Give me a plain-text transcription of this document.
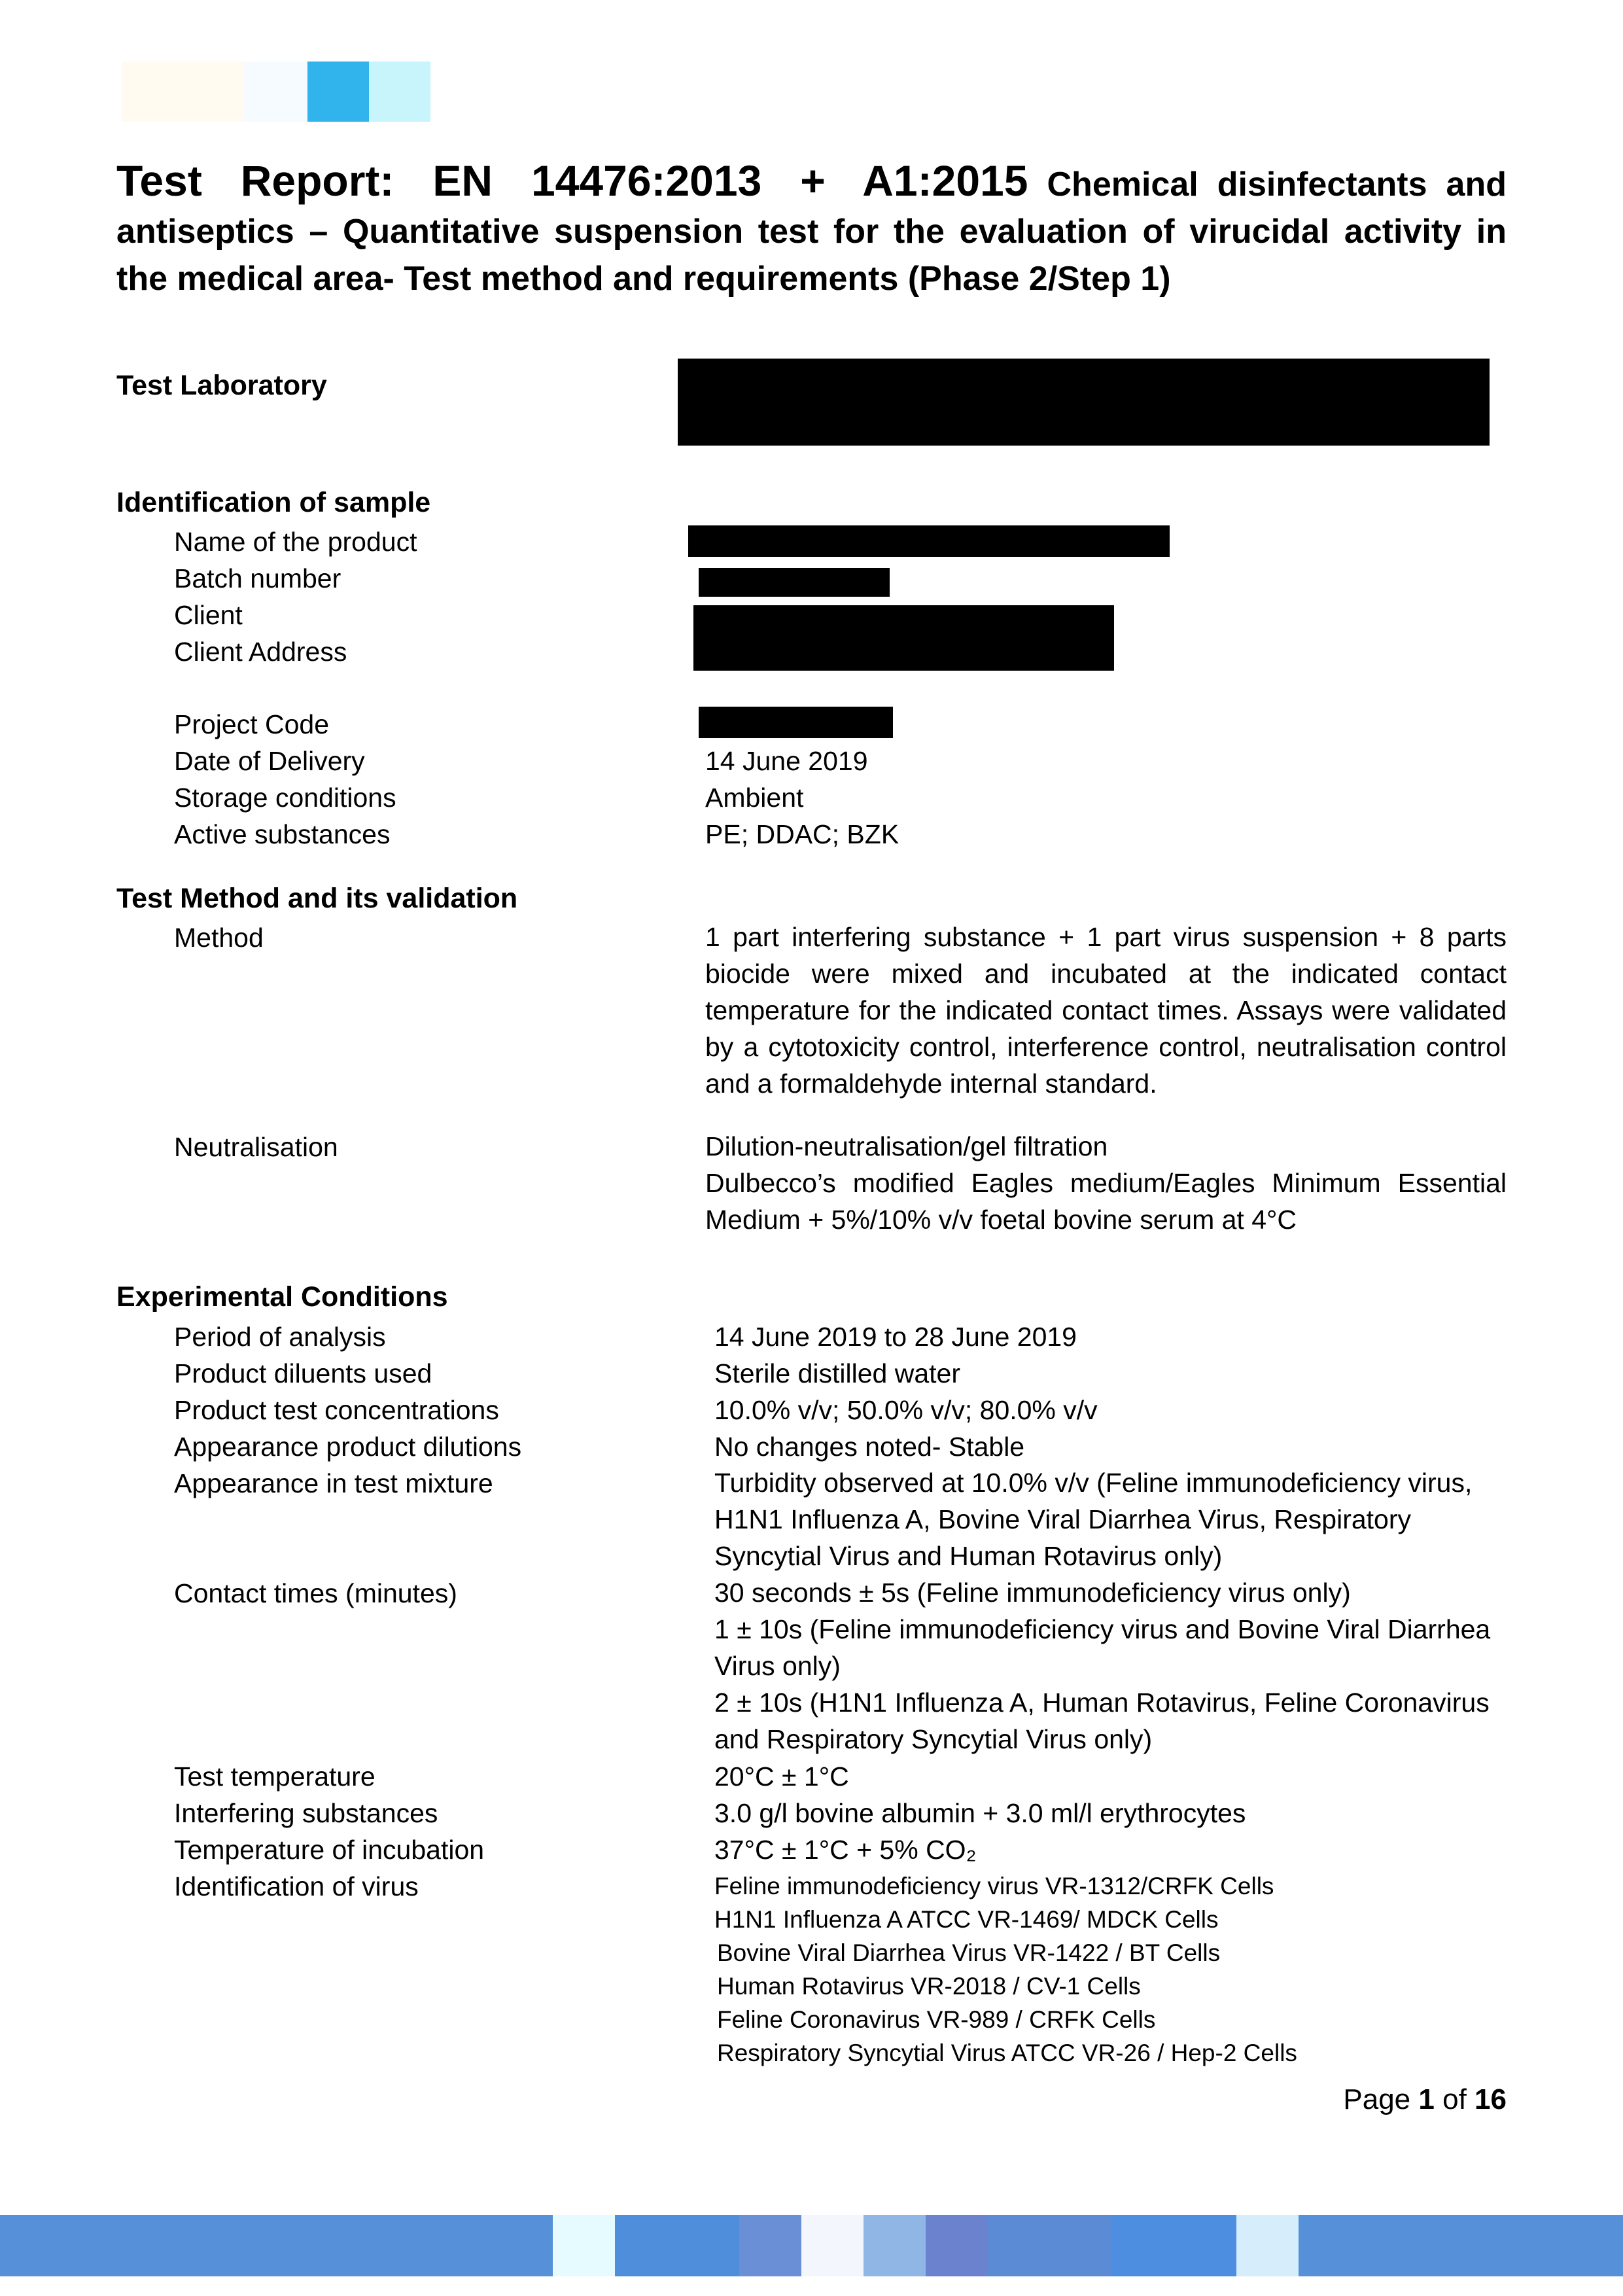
Test Report: EN 14476:2013 + A1:2015 Chemical disinfectants and antiseptics – Quantitative suspension test for the evaluation of virucidal activity in the medical area- Test method and requirements (Phase 2/Step 1)
Test Laboratory
Identification of sample
Name of the product
Batch number
Client
Client Address
Project Code
Date of Delivery	14 June 2019
Storage conditions	Ambient
Active substances	PE; DDAC; BZK
Test Method and its validation
Method	1 part interfering substance + 1 part virus suspension + 8 parts biocide were mixed and incubated at the indicated contact temperature for the indicated contact times. Assays were validated by a cytotoxicity control, interference control, neutralisation control and a formaldehyde internal standard.
Neutralisation	Dilution-neutralisation/gel filtration
Dulbecco’s modified Eagles medium/Eagles Minimum Essential Medium + 5%/10% v/v foetal bovine serum at 4°C
Experimental Conditions
Period of analysis	14 June 2019 to 28 June 2019
Product diluents used	Sterile distilled water
Product test concentrations	10.0% v/v; 50.0% v/v; 80.0% v/v
Appearance product dilutions	No changes noted- Stable
Appearance in test mixture	Turbidity observed at 10.0% v/v (Feline immunodeficiency virus, H1N1 Influenza A, Bovine Viral Diarrhea Virus, Respiratory Syncytial Virus and Human Rotavirus only)
Contact times (minutes)	30 seconds ± 5s (Feline immunodeficiency virus only)
1 ± 10s (Feline immunodeficiency virus and Bovine Viral Diarrhea Virus only)
2 ± 10s (H1N1 Influenza A, Human Rotavirus, Feline Coronavirus and Respiratory Syncytial Virus only)
Test temperature	20°C ± 1°C
Interfering substances	3.0 g/l bovine albumin + 3.0 ml/l erythrocytes
Temperature of incubation	37°C ± 1°C + 5% CO₂
Identification of virus	Feline immunodeficiency virus VR-1312/CRFK Cells
H1N1 Influenza A ATCC VR-1469/ MDCK Cells
Bovine Viral Diarrhea Virus VR-1422 / BT Cells
Human Rotavirus VR-2018 / CV-1 Cells
Feline Coronavirus VR-989 / CRFK Cells
Respiratory Syncytial Virus ATCC VR-26 / Hep-2 Cells
Page 1 of 16
